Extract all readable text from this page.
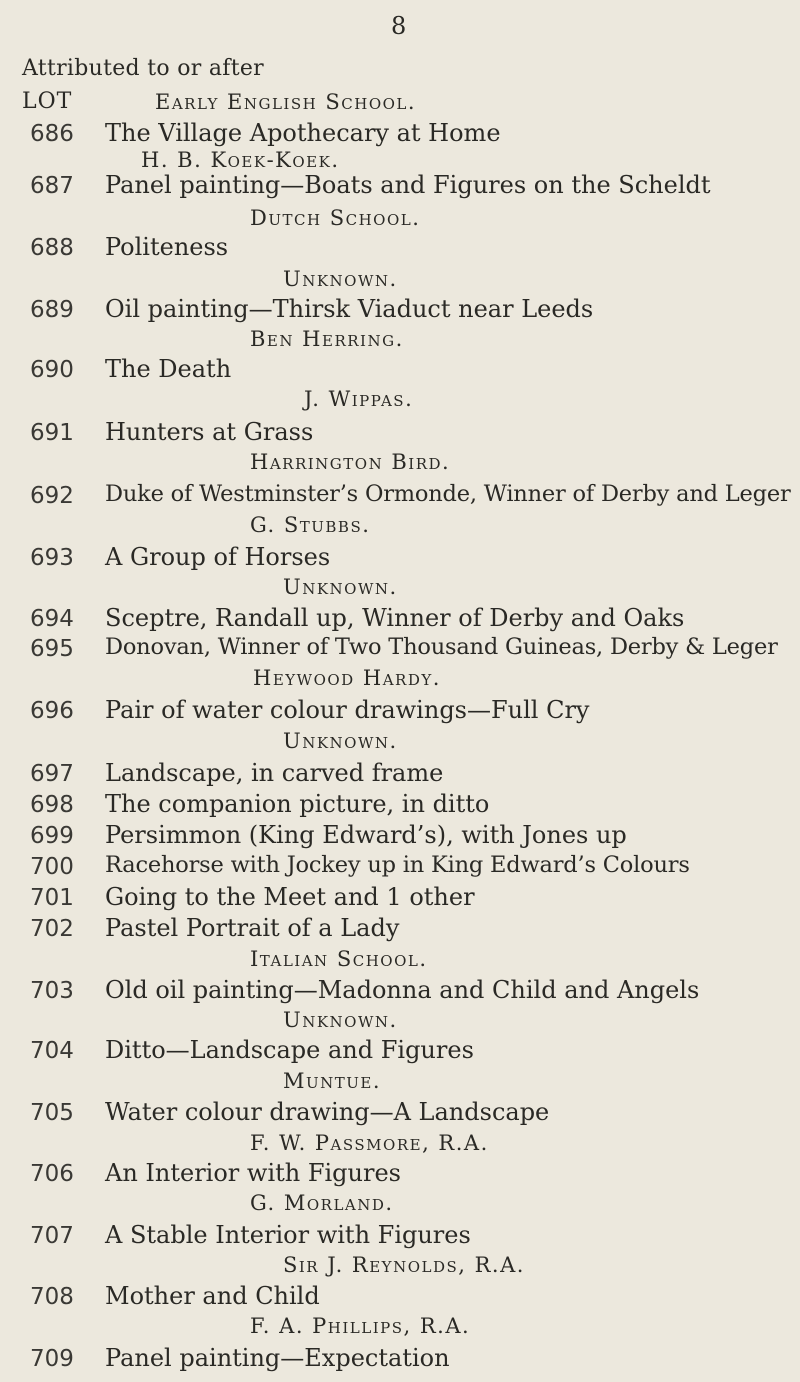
8
Attributed to or after
LOT	Early English School.
686 The Village Apothecary at Home
H. B. Koek-Koek.
687 Panel painting—Boats and Figures on the Scheldt
Dutch School.
688 Politeness
Unknown.
689 Oil painting—Thirsk Viaduct near Leeds
Ben Herring.
690 The Death
J. Wippas.
691 Hunters at Grass
Harrington Bird.
692 Duke of Westminster’s Ormonde, Winner of Derby and Leger
G. Stubbs.
693 A Group of Horses
Unknown.
694 Sceptre, Randall up, Winner of Derby and Oaks
695 Donovan, Winner of Two Thousand Guineas, Derby & Leger
Heywood Hardy.
696 Pair of water colour drawings—Full Cry
Unknown.
697 Landscape, in carved frame
698 The companion picture, in ditto
699 Persimmon (King Edward’s), with Jones up
700 Racehorse with Jockey up in King Edward’s Colours
701 Going to the Meet and 1 other
702 Pastel Portrait of a Lady
Italian School.
703 Old oil painting—Madonna and Child and Angels
Unknown.
704 Ditto—Landscape and Figures
Muntue.
705 Water colour drawing—A Landscape
F. W. Passmore, R.A.
706 An Interior with Figures
G. Morland.
707 A Stable Interior with Figures
Sir J. Reynolds, R.A.
708 Mother and Child
F. A. Phillips, R.A.
709 Panel painting—Expectation
